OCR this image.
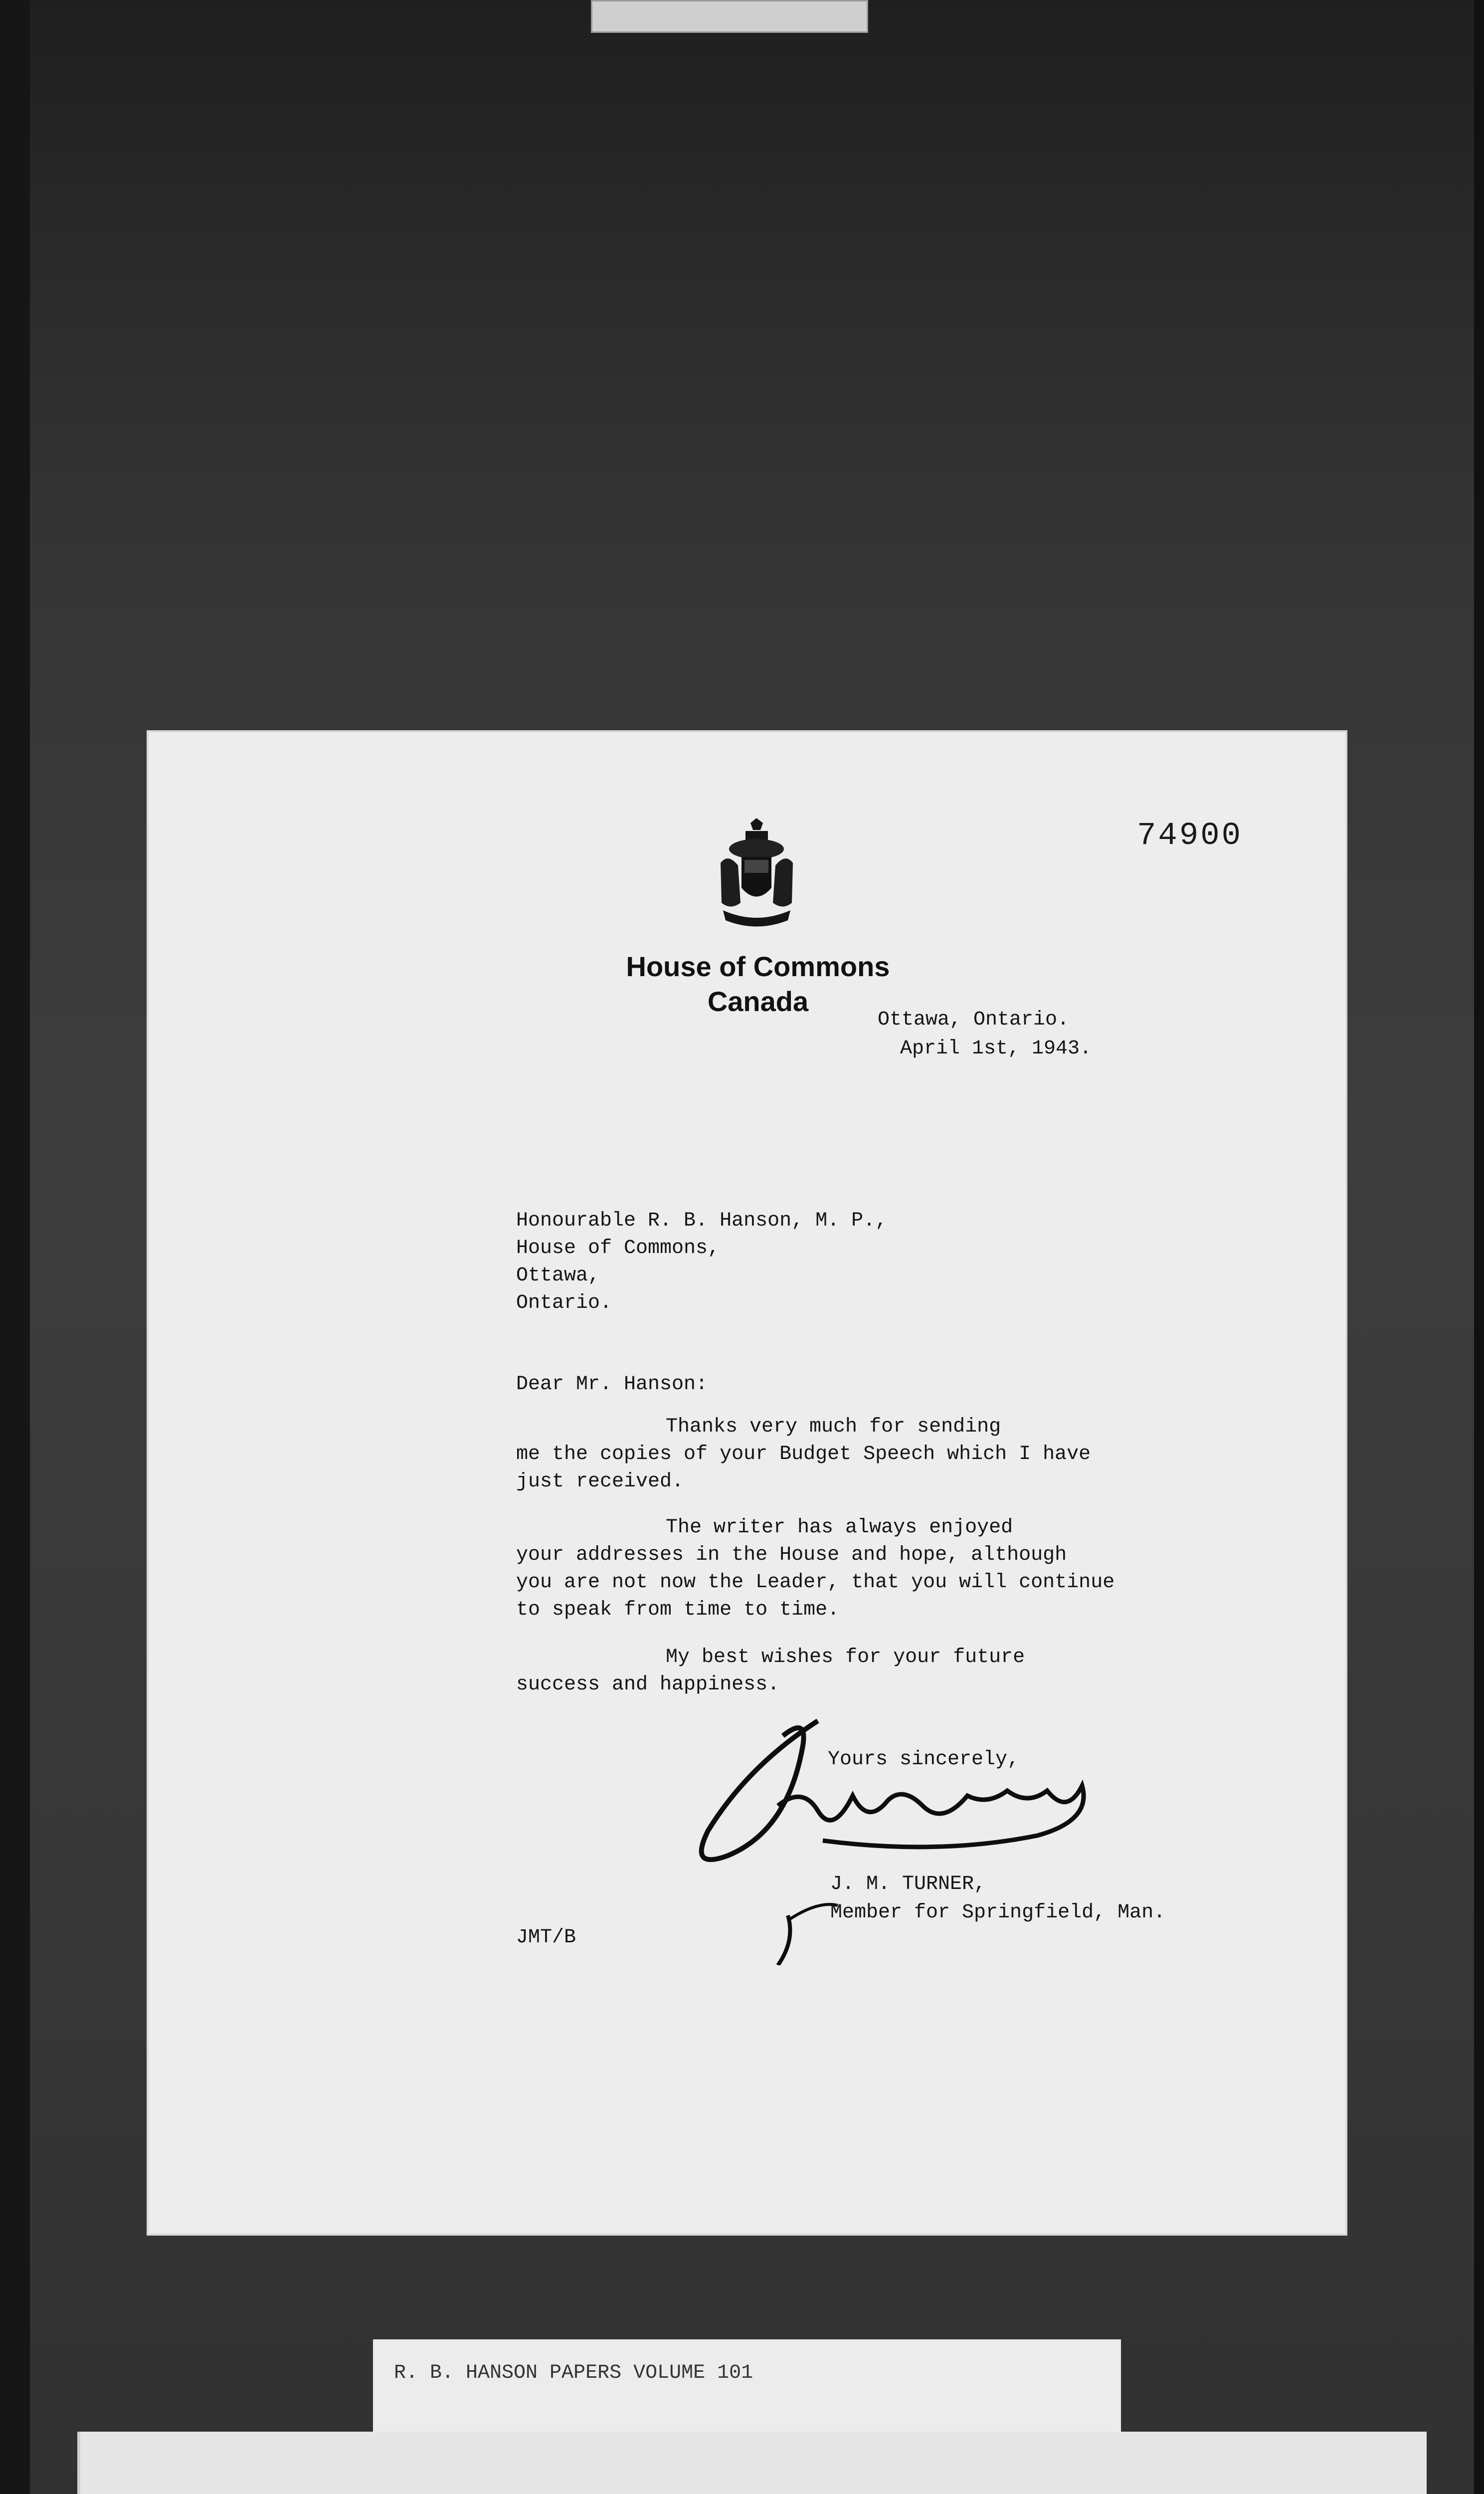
74900
House of Commons
Canada
Ottawa, Ontario.
April 1st, 1943.
Honourable R. B. Hanson, M. P.,
House of Commons,
Ottawa,
Ontario.
Dear Mr. Hanson:
Thanks very much for sending
me the copies of your Budget Speech which I have
just received.
The writer has always enjoyed
your addresses in the House and hope, although
you are not now the Leader, that you will continue
to speak from time to time.
My best wishes for your future
success and happiness.
Yours sincerely,
J. M. TURNER,
Member for Springfield, Man.
JMT/B
R. B. HANSON PAPERS VOLUME 101
